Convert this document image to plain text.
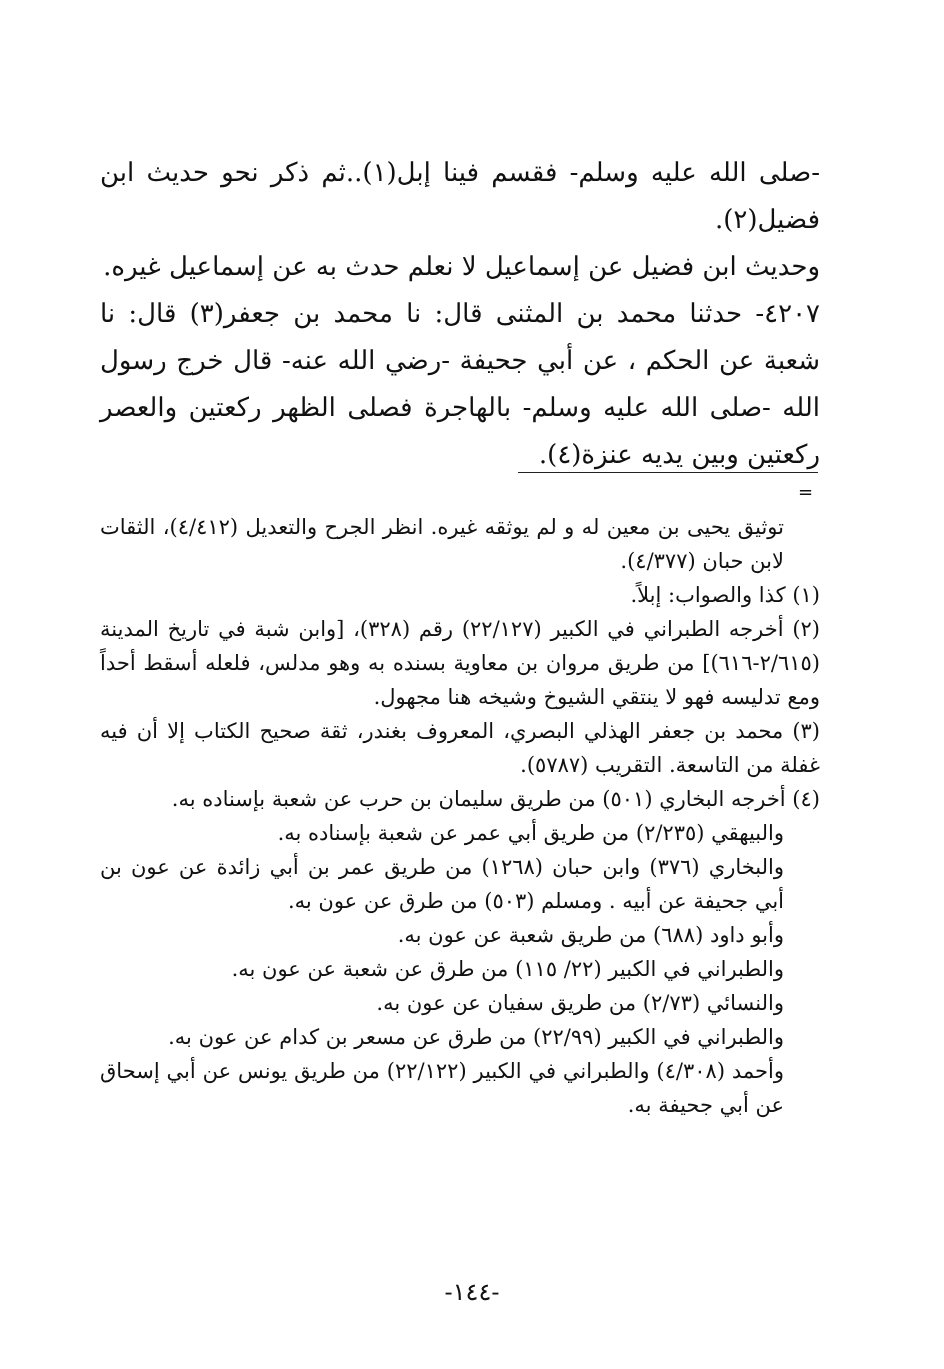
-صلى الله عليه وسلم- فقسم فينا إبل(١)..ثم ذكر نحو حديث ابن فضيل(٢).

وحديث ابن فضيل عن إسماعيل لا نعلم حدث به عن إسماعيل غيره.

٤٢٠٧- حدثنا محمد بن المثنى قال: نا محمد بن جعفر(٣) قال: نا شعبة عن الحكم ، عن أبي جحيفة -رضي الله عنه- قال خرج رسول الله -صلى الله عليه وسلم- بالهاجرة فصلى الظهر ركعتين والعصر ركعتين وبين يديه عنزة(٤).

=

توثيق يحيى بن معين له و لم يوثقه غيره. انظر الجرح والتعديل (٤/٤١٢)، الثقات لابن حبان (٤/٣٧٧).

(١) كذا والصواب: إبلاً.

(٢) أخرجه الطبراني في الكبير (٢٢/١٢٧) رقم (٣٢٨)، [وابن شبة في تاريخ المدينة (٢/٦١٥-٦١٦)] من طريق مروان بن معاوية بسنده به وهو مدلس، فلعله أسقط أحداً ومع تدليسه فهو لا ينتقي الشيوخ وشيخه هنا مجهول.

(٣) محمد بن جعفر الهذلي البصري، المعروف بغندر، ثقة صحيح الكتاب إلا أن فيه غفلة من التاسعة. التقريب (٥٧٨٧).

(٤) أخرجه البخاري (٥٠١) من طريق سليمان بن حرب عن شعبة بإسناده به.

والبيهقي (٢/٢٣٥) من طريق أبي عمر عن شعبة بإسناده به.

والبخاري (٣٧٦) وابن حبان (١٢٦٨) من طريق عمر بن أبي زائدة عن عون بن أبي جحيفة عن أبيه . ومسلم (٥٠٣) من طرق عن عون به.

وأبو داود (٦٨٨) من طريق شعبة عن عون به.

والطبراني في الكبير (٢٢/ ١١٥) من طرق عن شعبة عن عون به.

والنسائي (٢/٧٣) من طريق سفيان عن عون به.

والطبراني في الكبير (٢٢/٩٩) من طرق عن مسعر بن كدام عن عون به.

وأحمد (٤/٣٠٨) والطبراني في الكبير (٢٢/١٢٢) من طريق يونس عن أبي إسحاق عن أبي جحيفة به.

-١٤٤-
